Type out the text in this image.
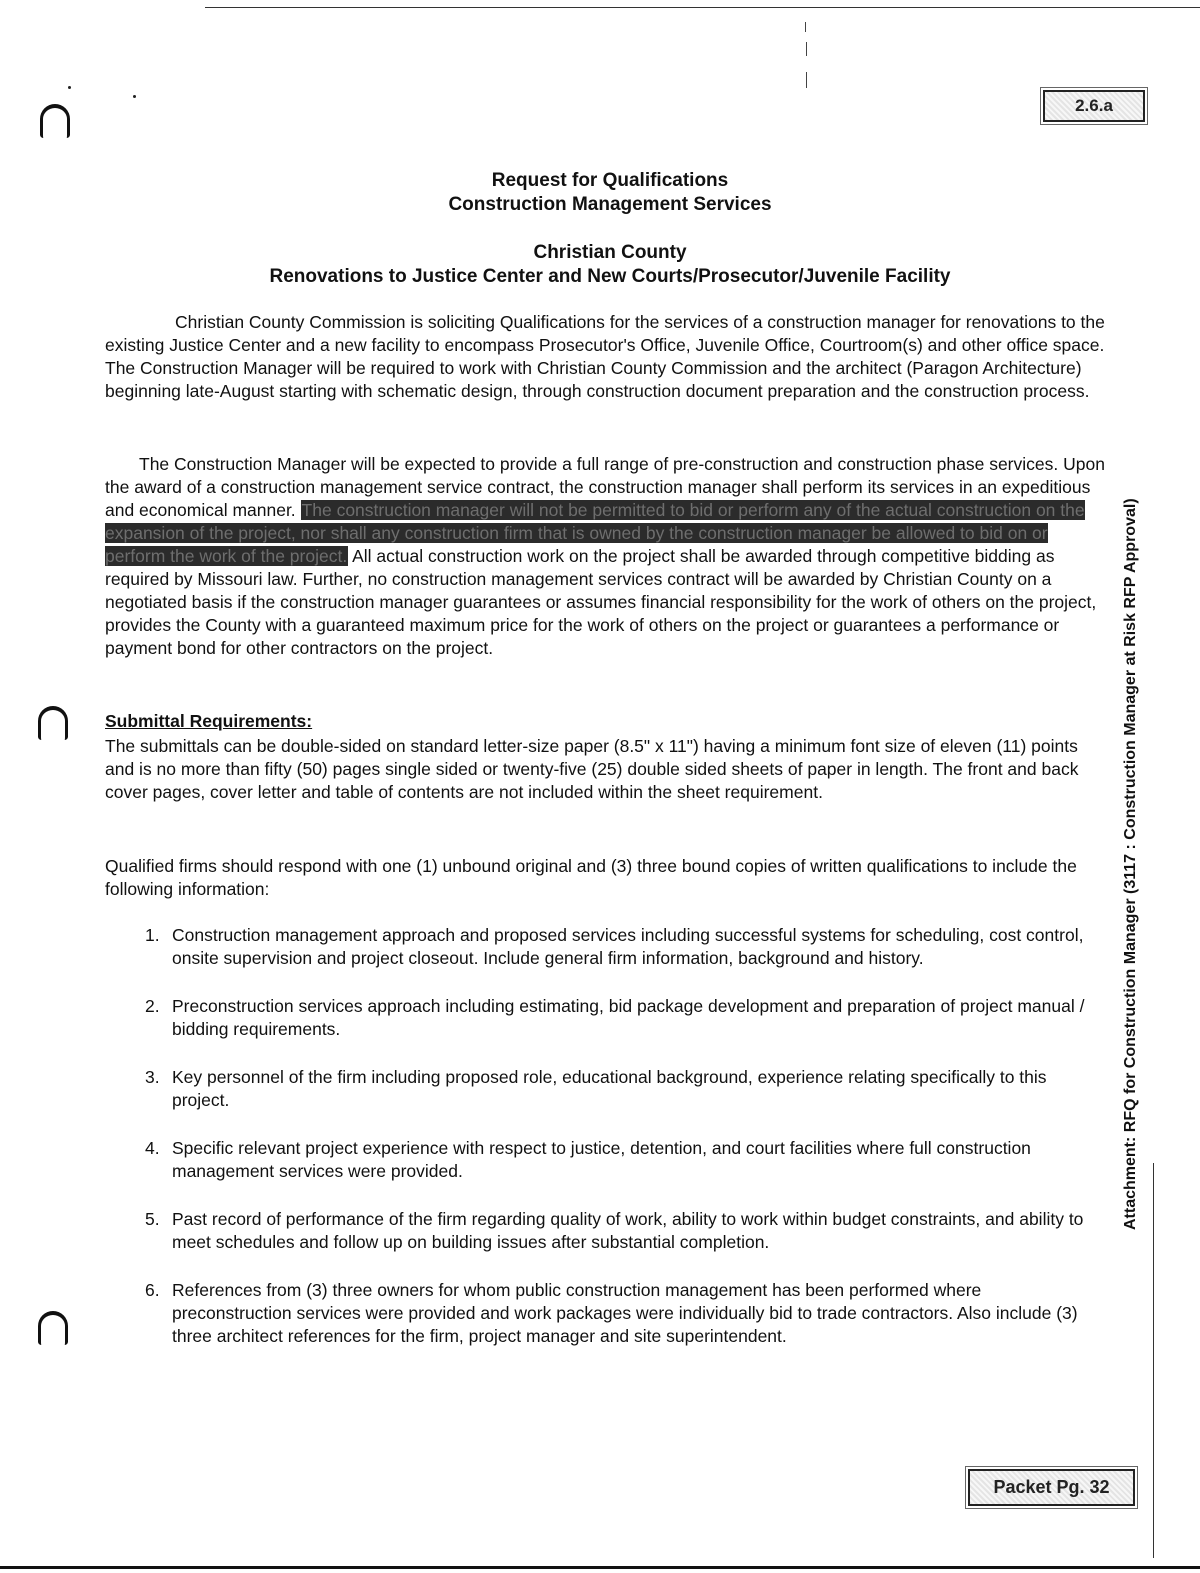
2.6.a
Request for Qualifications
Construction Management Services
Christian County
Renovations to Justice Center and New Courts/Prosecutor/Juvenile Facility
Christian County Commission is soliciting Qualifications for the services of a construction manager for renovations to the existing Justice Center and a new facility to encompass Prosecutor's Office, Juvenile Office, Courtroom(s) and other office space. The Construction Manager will be required to work with Christian County Commission and the architect (Paragon Architecture) beginning late-August starting with schematic design, through construction document preparation and the construction process.
The Construction Manager will be expected to provide a full range of pre-construction and construction phase services. Upon the award of a construction management service contract, the construction manager shall perform its services in an expeditious and economical manner. The construction manager will not be permitted to bid or perform any of the actual construction on the expansion of the project, nor shall any construction firm that is owned by the construction manager be allowed to bid on or perform the work of the project. All actual construction work on the project shall be awarded through competitive bidding as required by Missouri law. Further, no construction management services contract will be awarded by Christian County on a negotiated basis if the construction manager guarantees or assumes financial responsibility for the work of others on the project, provides the County with a guaranteed maximum price for the work of others on the project or guarantees a performance or payment bond for other contractors on the project.
Submittal Requirements:
The submittals can be double-sided on standard letter-size paper (8.5" x 11") having a minimum font size of eleven (11) points and is no more than fifty (50) pages single sided or twenty-five (25) double sided sheets of paper in length. The front and back cover pages, cover letter and table of contents are not included within the sheet requirement.
Qualified firms should respond with one (1) unbound original and (3) three bound copies of written qualifications to include the following information:
1. Construction management approach and proposed services including successful systems for scheduling, cost control, onsite supervision and project closeout. Include general firm information, background and history.
2. Preconstruction services approach including estimating, bid package development and preparation of project manual / bidding requirements.
3. Key personnel of the firm including proposed role, educational background, experience relating specifically to this project.
4. Specific relevant project experience with respect to justice, detention, and court facilities where full construction management services were provided.
5. Past record of performance of the firm regarding quality of work, ability to work within budget constraints, and ability to meet schedules and follow up on building issues after substantial completion.
6. References from (3) three owners for whom public construction management has been performed where preconstruction services were provided and work packages were individually bid to trade contractors. Also include (3) three architect references for the firm, project manager and site superintendent.
Attachment: RFQ for Construction Manager (3117 : Construction Manager at Risk RFP Approval)
Packet Pg. 32
